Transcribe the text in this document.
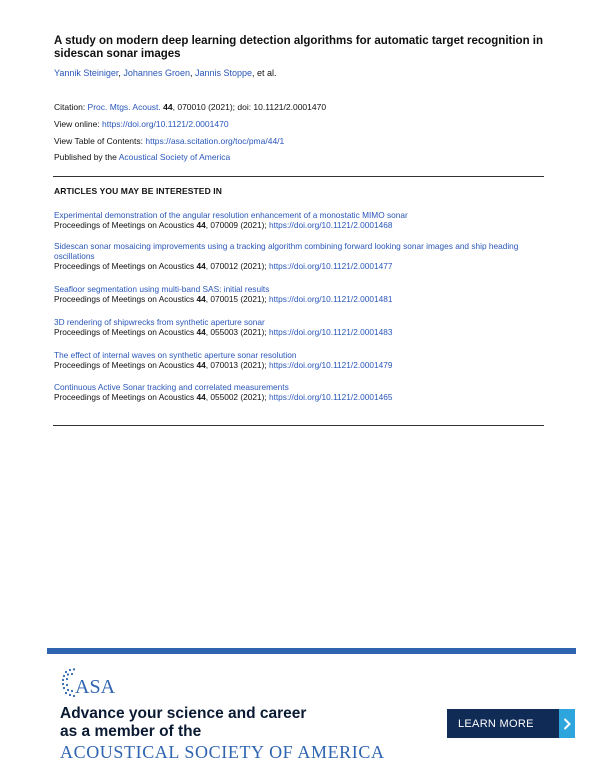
A study on modern deep learning detection algorithms for automatic target recognition in sidescan sonar images
Yannik Steiniger, Johannes Groen, Jannis Stoppe, et al.
Citation: Proc. Mtgs. Acoust. 44, 070010 (2021); doi: 10.1121/2.0001470
View online: https://doi.org/10.1121/2.0001470
View Table of Contents: https://asa.scitation.org/toc/pma/44/1
Published by the Acoustical Society of America
ARTICLES YOU MAY BE INTERESTED IN
Experimental demonstration of the angular resolution enhancement of a monostatic MIMO sonar
Proceedings of Meetings on Acoustics 44, 070009 (2021); https://doi.org/10.1121/2.0001468
Sidescan sonar mosaicing improvements using a tracking algorithm combining forward looking sonar images and ship heading oscillations
Proceedings of Meetings on Acoustics 44, 070012 (2021); https://doi.org/10.1121/2.0001477
Seafloor segmentation using multi-band SAS: initial results
Proceedings of Meetings on Acoustics 44, 070015 (2021); https://doi.org/10.1121/2.0001481
3D rendering of shipwrecks from synthetic aperture sonar
Proceedings of Meetings on Acoustics 44, 055003 (2021); https://doi.org/10.1121/2.0001483
The effect of internal waves on synthetic aperture sonar resolution
Proceedings of Meetings on Acoustics 44, 070013 (2021); https://doi.org/10.1121/2.0001479
Continuous Active Sonar tracking and correlated measurements
Proceedings of Meetings on Acoustics 44, 055002 (2021); https://doi.org/10.1121/2.0001465
ASA
Advance your science and career
as a member of the
ACOUSTICAL SOCIETY OF AMERICA
LEARN MORE
